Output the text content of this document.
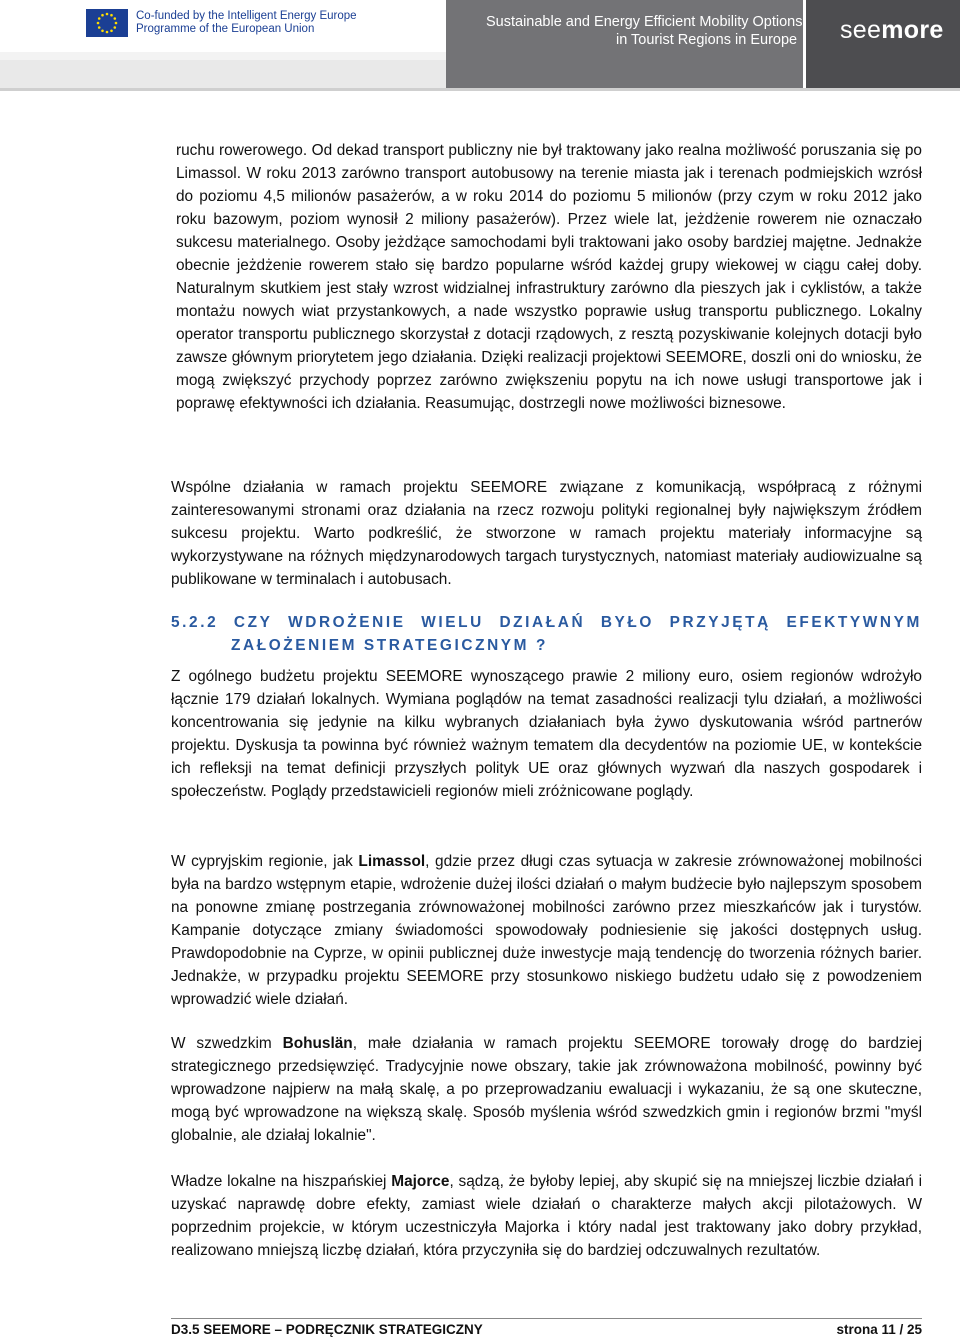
Co-funded by the Intelligent Energy Europe
Programme of the European Union	Sustainable and Energy Efficient Mobility Options
in Tourist Regions in Europe seemore

ruchu rowerowego. Od dekad transport publiczny nie był traktowany jako realna możliwość poruszania się po Limassol. W roku 2013 zarówno transport autobusowy na terenie miasta jak i terenach podmiejskich wzrósł do poziomu 4,5 milionów pasażerów, a w roku 2014 do poziomu 5 milionów (przy czym w roku 2012 jako roku bazowym, poziom wynosił 2 miliony pasażerów). Przez wiele lat, jeżdżenie rowerem nie oznaczało sukcesu materialnego. Osoby jeżdżące samochodami byli traktowani jako osoby bardziej majętne. Jednakże obecnie jeżdżenie rowerem stało się bardzo popularne wśród każdej grupy wiekowej w ciągu całej doby. Naturalnym skutkiem jest stały wzrost widzialnej infrastruktury zarówno dla pieszych jak i cyklistów, a także montażu nowych wiat przystankowych, a nade wszystko poprawie usług transportu publicznego. Lokalny operator transportu publicznego skorzystał z dotacji rządowych, z resztą pozyskiwanie kolejnych dotacji było zawsze głównym priorytetem jego działania. Dzięki realizacji projektowi SEEMORE, doszli oni do wniosku, że mogą zwiększyć przychody poprzez zarówno zwiększeniu popytu na ich nowe usługi transportowe jak i poprawę efektywności ich działania. Reasumując, dostrzegli nowe możliwości biznesowe.

Wspólne działania w ramach projektu SEEMORE związane z komunikacją, współpracą z różnymi zainteresowanymi stronami oraz działania na rzecz rozwoju polityki regionalnej były największym źródłem sukcesu projektu. Warto podkreślić, że stworzone w ramach projektu materiały informacyjne są wykorzystywane na różnych międzynarodowych targach turystycznych, natomiast materiały audiowizualne są publikowane w terminalach i autobusach.

5.2.2 CZY WDROŻENIE WIELU DZIAŁAŃ BYŁO PRZYJĘTĄ EFEKTYWNYM
ZAŁOŻENIEM STRATEGICZNYM ?

Z ogólnego budżetu projektu SEEMORE wynoszącego prawie 2 miliony euro, osiem regionów wdrożyło łącznie 179 działań lokalnych. Wymiana poglądów na temat zasadności realizacji tylu działań, a możliwości koncentrowania się jedynie na kilku wybranych działaniach była żywo dyskutowania wśród partnerów projektu. Dyskusja ta powinna być również ważnym tematem dla decydentów na poziomie UE, w kontekście ich refleksji na temat definicji przyszłych polityk UE oraz głównych wyzwań dla naszych gospodarek i społeczeństw. Poglądy przedstawicieli regionów mieli zróżnicowane poglądy.

W cypryjskim regionie, jak Limassol, gdzie przez długi czas sytuacja w zakresie zrównoważonej mobilności była na bardzo wstępnym etapie, wdrożenie dużej ilości działań o małym budżecie było najlepszym sposobem na ponowne zmianę postrzegania zrównoważonej mobilności zarówno przez mieszkańców jak i turystów. Kampanie dotyczące zmiany świadomości spowodowały podniesienie się jakości dostępnych usług. Prawdopodobnie na Cyprze, w opinii publicznej duże inwestycje mają tendencję do tworzenia różnych barier. Jednakże, w przypadku projektu SEEMORE przy stosunkowo niskiego budżetu udało się z powodzeniem wprowadzić wiele działań.

W szwedzkim Bohuslän, małe działania w ramach projektu SEEMORE torowały drogę do bardziej strategicznego przedsięwzięć. Tradycyjnie nowe obszary, takie jak zrównoważona mobilność, powinny być wprowadzone najpierw na małą skalę, a po przeprowadzaniu ewaluacji i wykazaniu, że są one skuteczne, mogą być wprowadzone na większą skalę. Sposób myślenia wśród szwedzkich gmin i regionów brzmi "myśl globalnie, ale działaj lokalnie".

Władze lokalne na hiszpańskiej Majorce, sądzą, że byłoby lepiej, aby skupić się na mniejszej liczbie działań i uzyskać naprawdę dobre efekty, zamiast wiele działań o charakterze małych akcji pilotażowych. W poprzednim projekcie, w którym uczestniczyła Majorka i który nadal jest traktowany jako dobry przykład, realizowano mniejszą liczbę działań, która przyczyniła się do bardziej odczuwalnych rezultatów.

D3.5 SEEMORE – PODRĘCZNIK STRATEGICZNY	strona 11 / 25
